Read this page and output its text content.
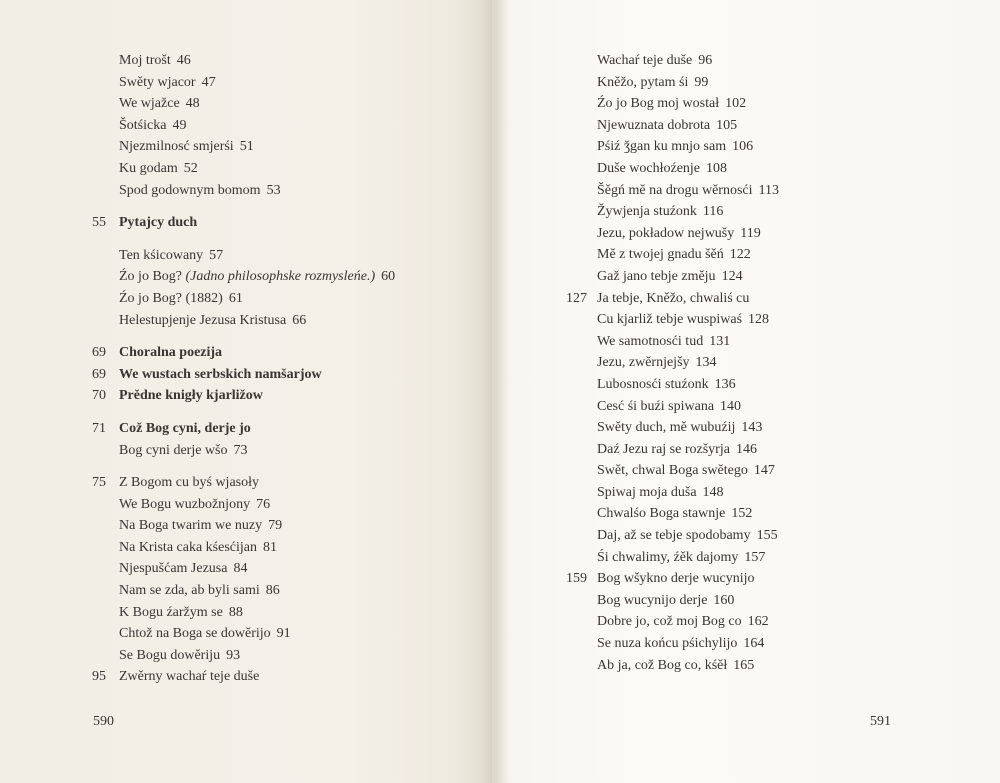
Moj trošt 46
Swěty wjacor 47
We wjažce 48
Šotśicka 49
Njezmilnosć smjerśi 51
Ku godam 52
Spod godownym bomom 53
55 Pytajcy duch
Ten kśicowany 57
Źo jo Bog? (Jadno philosophske rozmysleńe.) 60
Źo jo Bog? (1882) 61
Helestupjenje Jezusa Kristusa 66
69 Choralna poezija
69 We wustach serbskich namšarjow
70 Prědne knigły kjarližow
71 Což Bog cyni, derje jo
Bog cyni derje wšo 73
75 Z Bogom cu byś wjasoły
We Bogu wuzbožnjony 76
Na Boga twarim we nuzy 79
Na Krista caka kśesćijan 81
Njespušćam Jezusa 84
Nam se zda, ab byli sami 86
K Bogu źaržym se 88
Chtož na Boga se dowěrijo 91
Se Bogu dowěriju 93
95 Zwěrny wachaŕ teje duše
590
Wachaŕ teje duše 96
Kněžo, pytam śi 99
Źo jo Bog moj wostał 102
Njewuznata dobrota 105
Pśiź ǯgan ku mnjo sam 106
Duše wochłoźenje 108
Šěgń mě na drogu wěrnosći 113
Žywjenja stuźonk 116
Jezu, pokładow nejwušy 119
Mě z twojej gnadu šěń 122
Gaž jano tebje změju 124
127 Ja tebje, Kněžo, chwaliś cu
Cu kjarliž tebje wuspiwaś 128
We samotnosći tud 131
Jezu, zwěrnjejšy 134
Lubosnosći stuźonk 136
Cesć śi buźi spiwana 140
Swěty duch, mě wubuźij 143
Daź Jezu raj se rozšyrja 146
Swět, chwal Boga swětego 147
Spiwaj moja duša 148
Chwalśo Boga stawnje 152
Daj, až se tebje spodobamy 155
Śi chwalimy, źěk dajomy 157
159 Bog wšykno derje wucynijo
Bog wucynijo derje 160
Dobre jo, což moj Bog co 162
Se nuza końcu pśichylijo 164
Ab ja, což Bog co, kśěł 165
591
